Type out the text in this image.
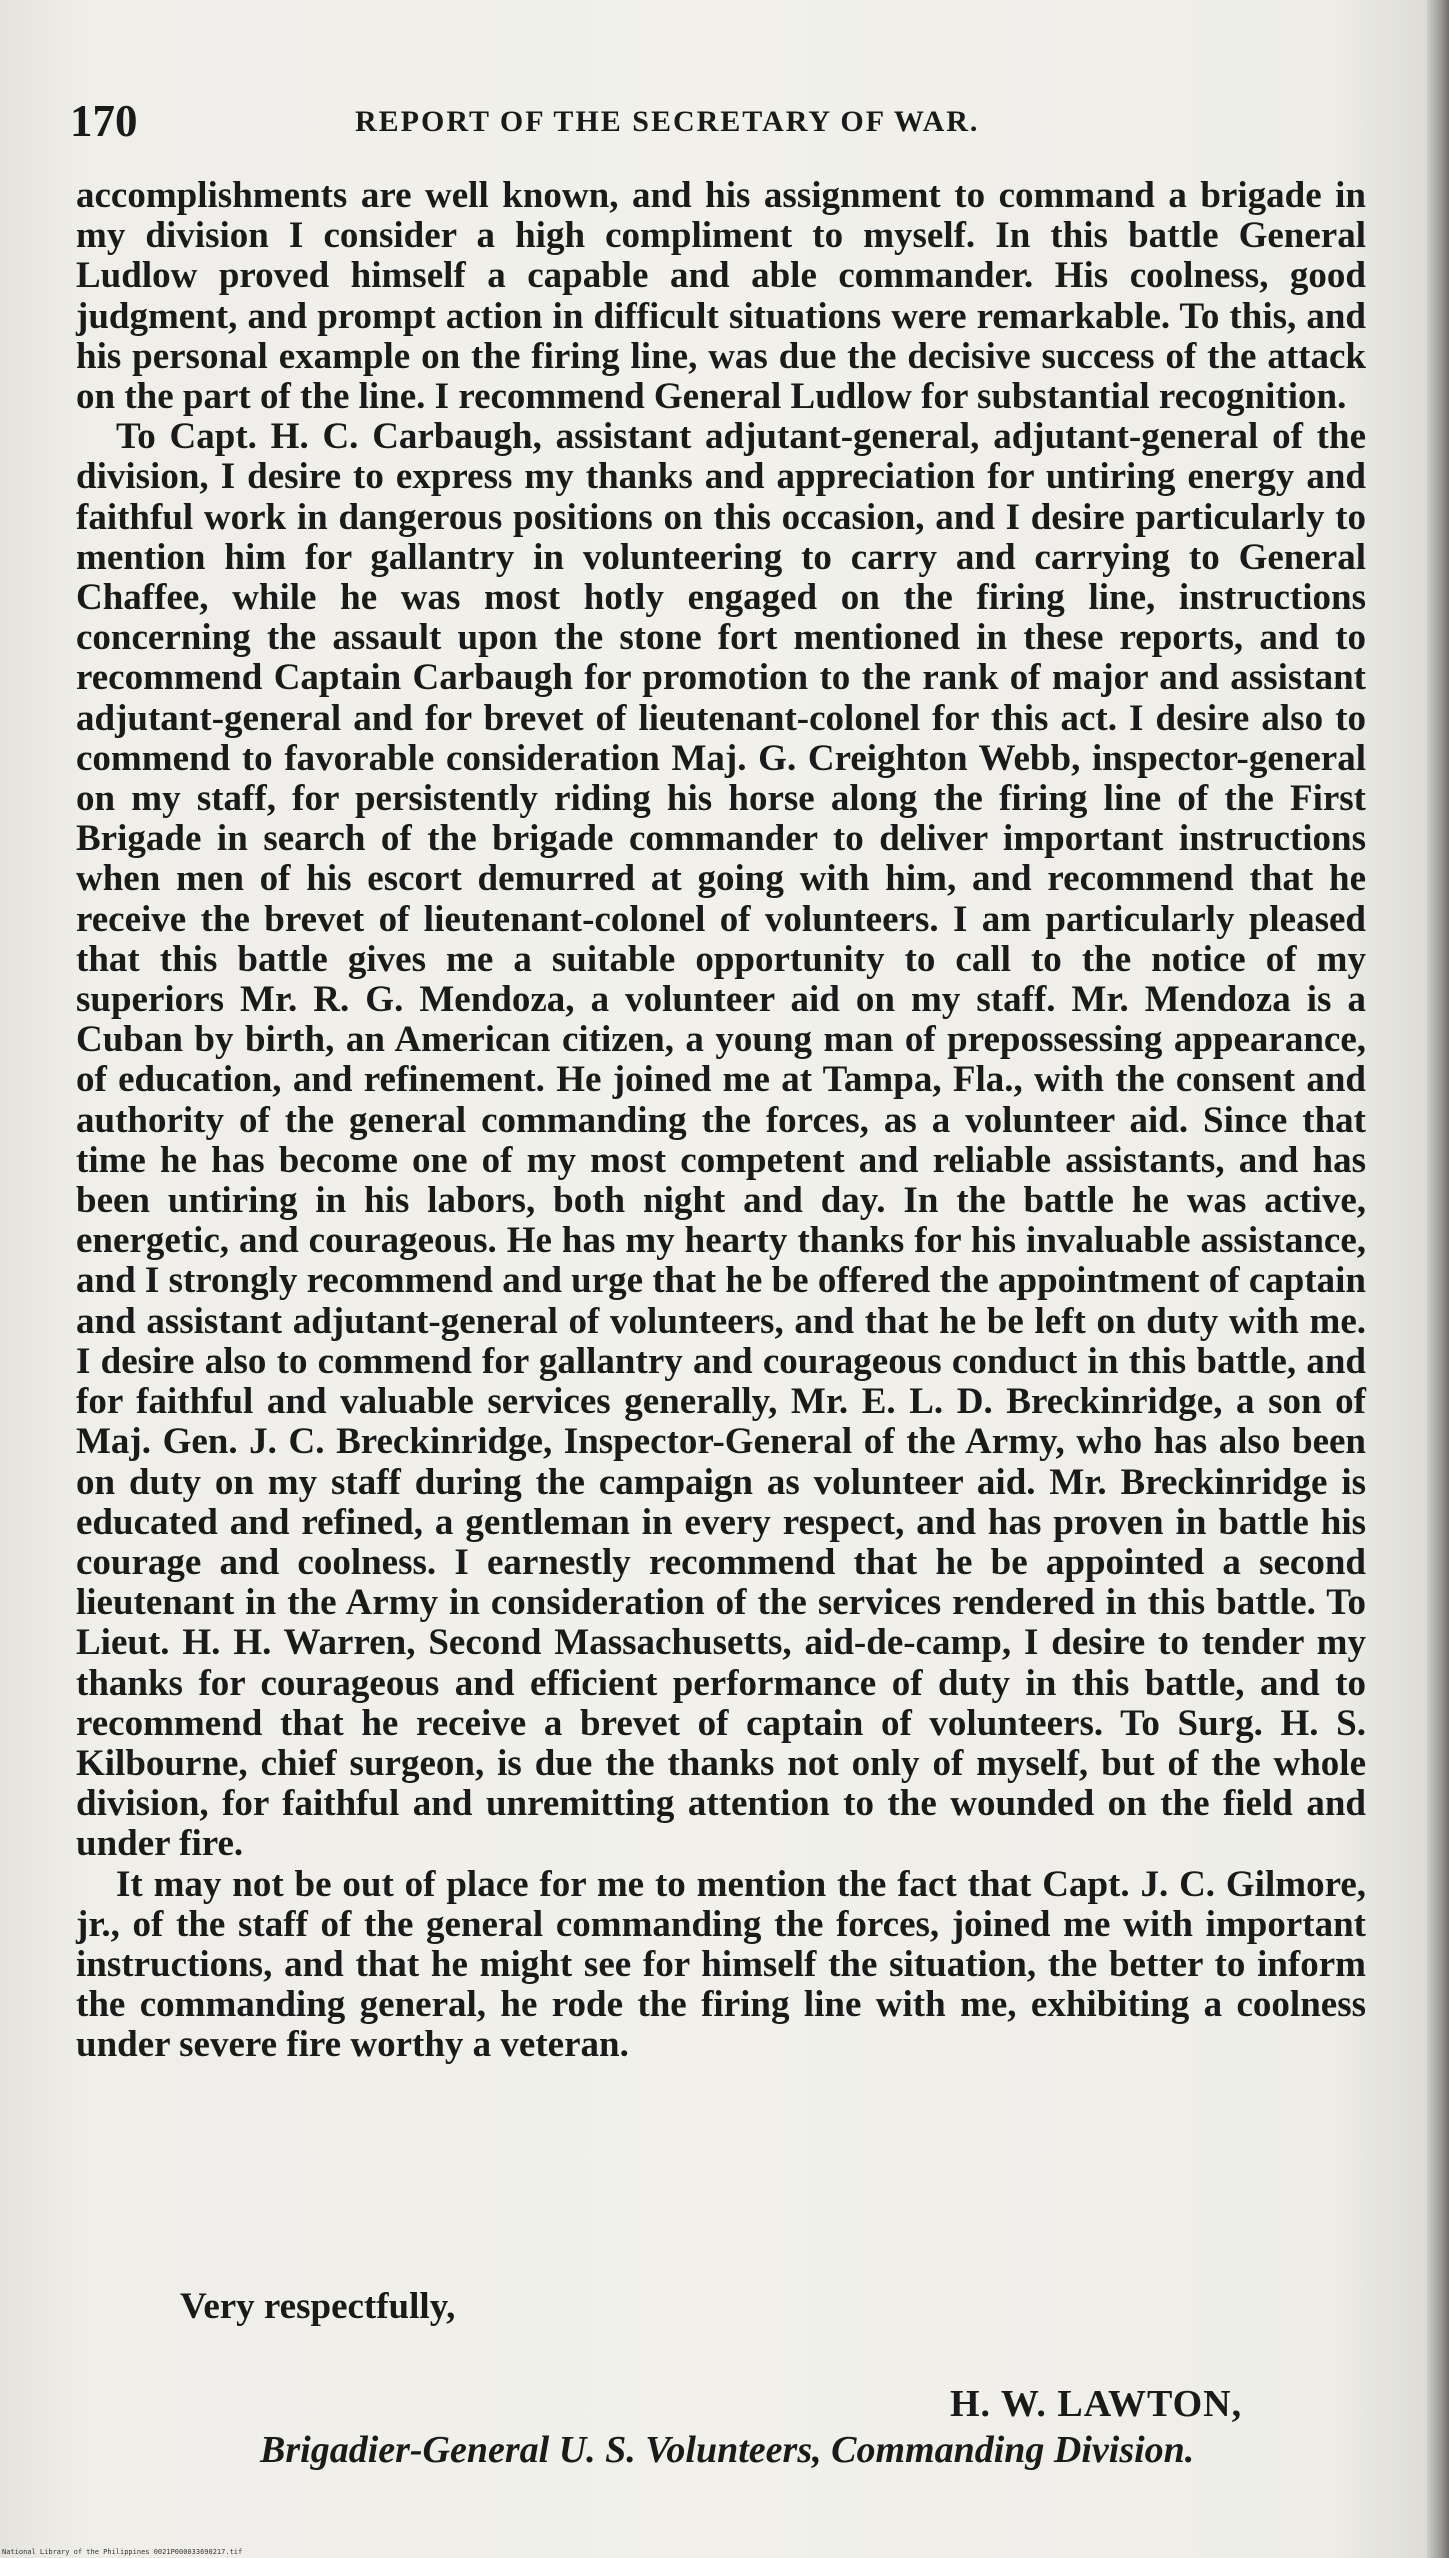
170	REPORT OF THE SECRETARY OF WAR.

accomplishments are well known, and his assignment to command a brigade in my division I consider a high compliment to myself. In this battle General Ludlow proved himself a capable and able commander. His coolness, good judgment, and prompt action in difficult situations were remarkable. To this, and his personal example on the firing line, was due the decisive success of the attack on the part of the line. I recommend General Ludlow for substantial recognition.

To Capt. H. C. Carbaugh, assistant adjutant-general, adjutant-general of the division, I desire to express my thanks and appreciation for untiring energy and faithful work in dangerous positions on this occasion, and I desire particularly to mention him for gallantry in volunteering to carry and carrying to General Chaffee, while he was most hotly engaged on the firing line, instructions concerning the assault upon the stone fort mentioned in these reports, and to recommend Captain Carbaugh for promotion to the rank of major and assistant adjutant-general and for brevet of lieutenant-colonel for this act. I desire also to commend to favorable consideration Maj. G. Creighton Webb, inspector-general on my staff, for persistently riding his horse along the firing line of the First Brigade in search of the brigade commander to deliver important instructions when men of his escort demurred at going with him, and recommend that he receive the brevet of lieutenant-colonel of volunteers. I am particularly pleased that this battle gives me a suitable opportunity to call to the notice of my superiors Mr. R. G. Mendoza, a volunteer aid on my staff. Mr. Mendoza is a Cuban by birth, an American citizen, a young man of prepossessing appearance, of education, and refinement. He joined me at Tampa, Fla., with the consent and authority of the general commanding the forces, as a volunteer aid. Since that time he has become one of my most competent and reliable assistants, and has been untiring in his labors, both night and day. In the battle he was active, energetic, and courageous. He has my hearty thanks for his invaluable assistance, and I strongly recommend and urge that he be offered the appointment of captain and assistant adjutant-general of volunteers, and that he be left on duty with me. I desire also to commend for gallantry and courageous conduct in this battle, and for faithful and valuable services generally, Mr. E. L. D. Breckinridge, a son of Maj. Gen. J. C. Breckinridge, Inspector-General of the Army, who has also been on duty on my staff during the campaign as volunteer aid. Mr. Breckinridge is educated and refined, a gentleman in every respect, and has proven in battle his courage and coolness. I earnestly recommend that he be appointed a second lieutenant in the Army in consideration of the services rendered in this battle. To Lieut. H. H. Warren, Second Massachusetts, aid-de-camp, I desire to tender my thanks for courageous and efficient performance of duty in this battle, and to recommend that he receive a brevet of captain of volunteers. To Surg. H. S. Kilbourne, chief surgeon, is due the thanks not only of myself, but of the whole division, for faithful and unremitting attention to the wounded on the field and under fire.

It may not be out of place for me to mention the fact that Capt. J. C. Gilmore, jr., of the staff of the general commanding the forces, joined me with important instructions, and that he might see for himself the situation, the better to inform the commanding general, he rode the firing line with me, exhibiting a coolness under severe fire worthy a veteran.

Very respectfully,
H. W. LAWTON,
Brigadier-General U. S. Volunteers, Commanding Division.
National Library of the Philippines 0021P000033690217.tif
